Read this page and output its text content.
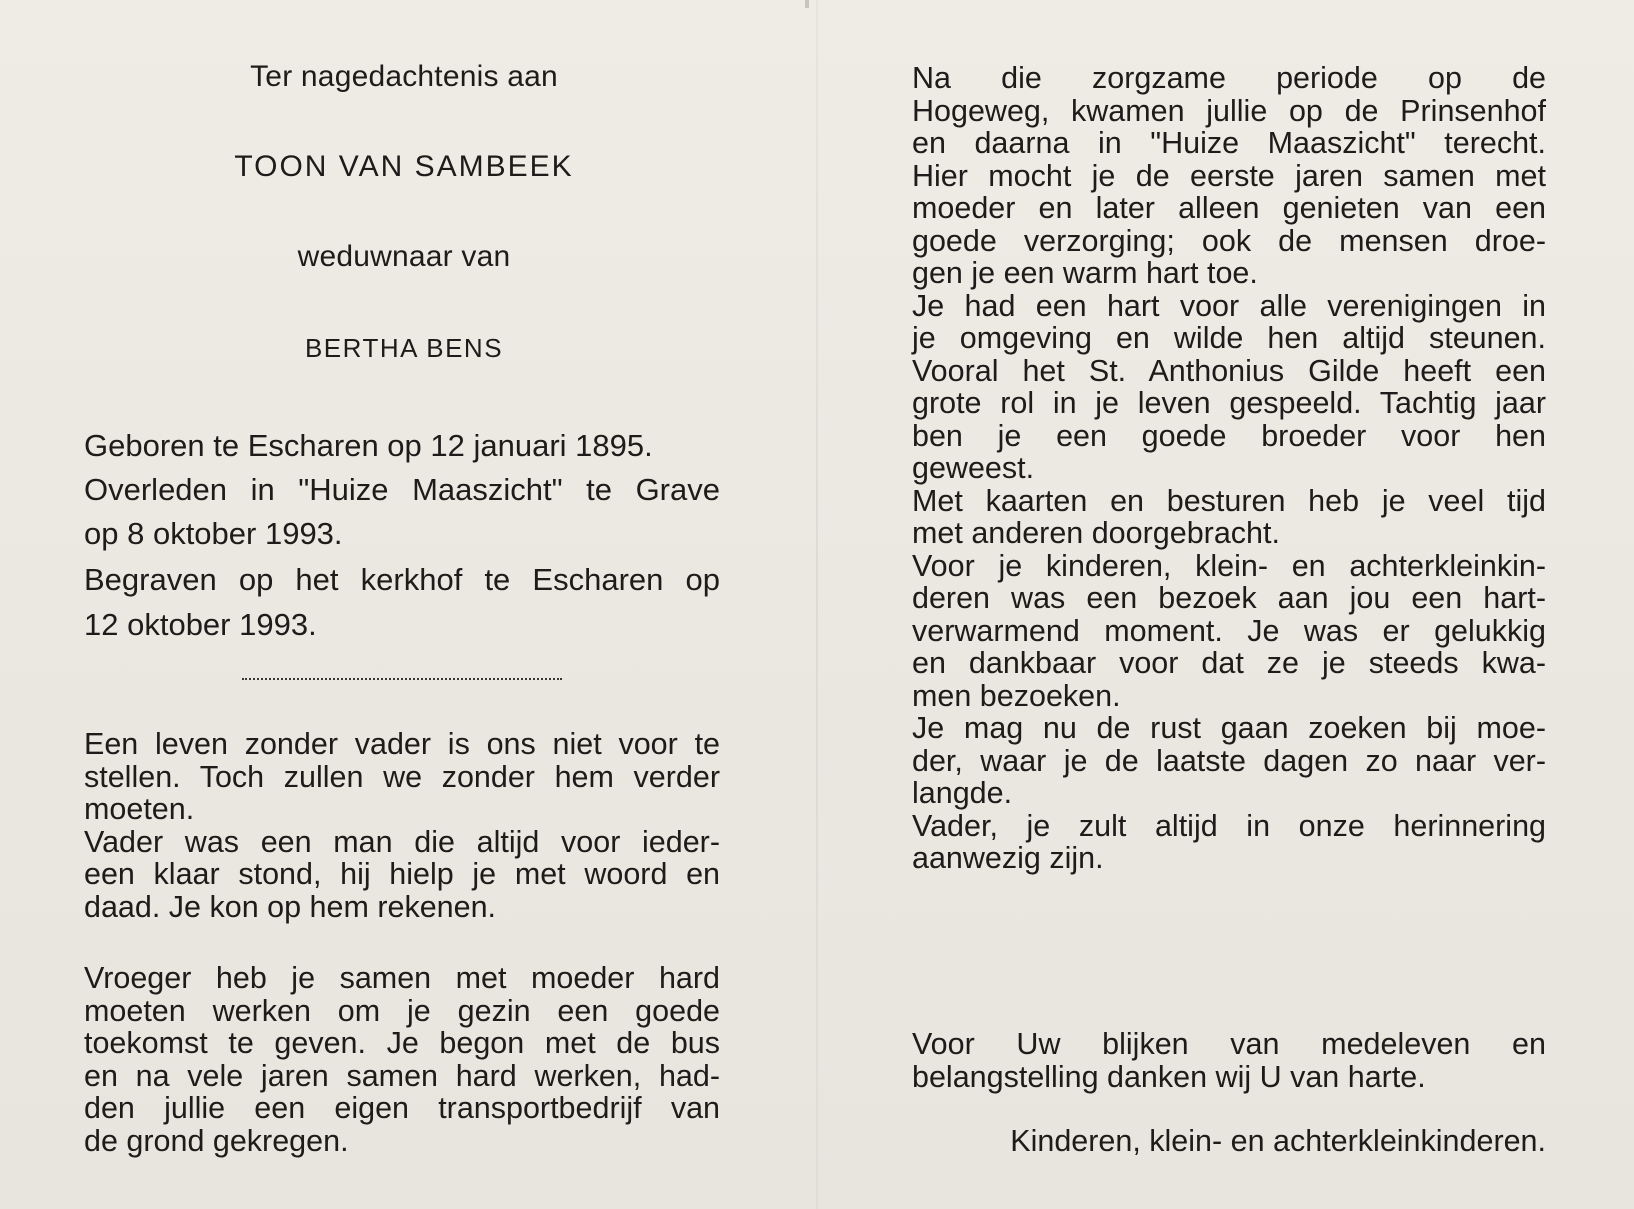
Ter nagedachtenis aan

TOON VAN SAMBEEK

weduwnaar van

BERTHA BENS

Geboren te Escharen op 12 januari 1895.

Overleden in "Huize Maaszicht" te Grave

op 8 oktober 1993.

Begraven op het kerkhof te Escharen op

12 oktober 1993.

Een leven zonder vader is ons niet voor te
stellen. Toch zullen we zonder hem verder
moeten.
Vader was een man die altijd voor ieder-
een klaar stond, hij hielp je met woord en
daad. Je kon op hem rekenen.
Vroeger heb je samen met moeder hard
moeten werken om je gezin een goede
toekomst te geven. Je begon met de bus
en na vele jaren samen hard werken, had-
den jullie een eigen transportbedrijf van
de grond gekregen.
Na die zorgzame periode op de
Hogeweg, kwamen jullie op de Prinsenhof
en daarna in "Huize Maaszicht" terecht.
Hier mocht je de eerste jaren samen met
moeder en later alleen genieten van een
goede verzorging; ook de mensen droe-
gen je een warm hart toe.
Je had een hart voor alle verenigingen in
je omgeving en wilde hen altijd steunen.
Vooral het St. Anthonius Gilde heeft een
grote rol in je leven gespeeld. Tachtig jaar
ben je een goede broeder voor hen
geweest.
Met kaarten en besturen heb je veel tijd
met anderen doorgebracht.
Voor je kinderen, klein- en achterkleinkin-
deren was een bezoek aan jou een hart-
verwarmend moment. Je was er gelukkig
en dankbaar voor dat ze je steeds kwa-
men bezoeken.
Je mag nu de rust gaan zoeken bij moe-
der, waar je de laatste dagen zo naar ver-
langde.
Vader, je zult altijd in onze herinnering
aanwezig zijn.
Voor Uw blijken van medeleven en
belangstelling danken wij U van harte.

Kinderen, klein- en achterkleinkinderen.
